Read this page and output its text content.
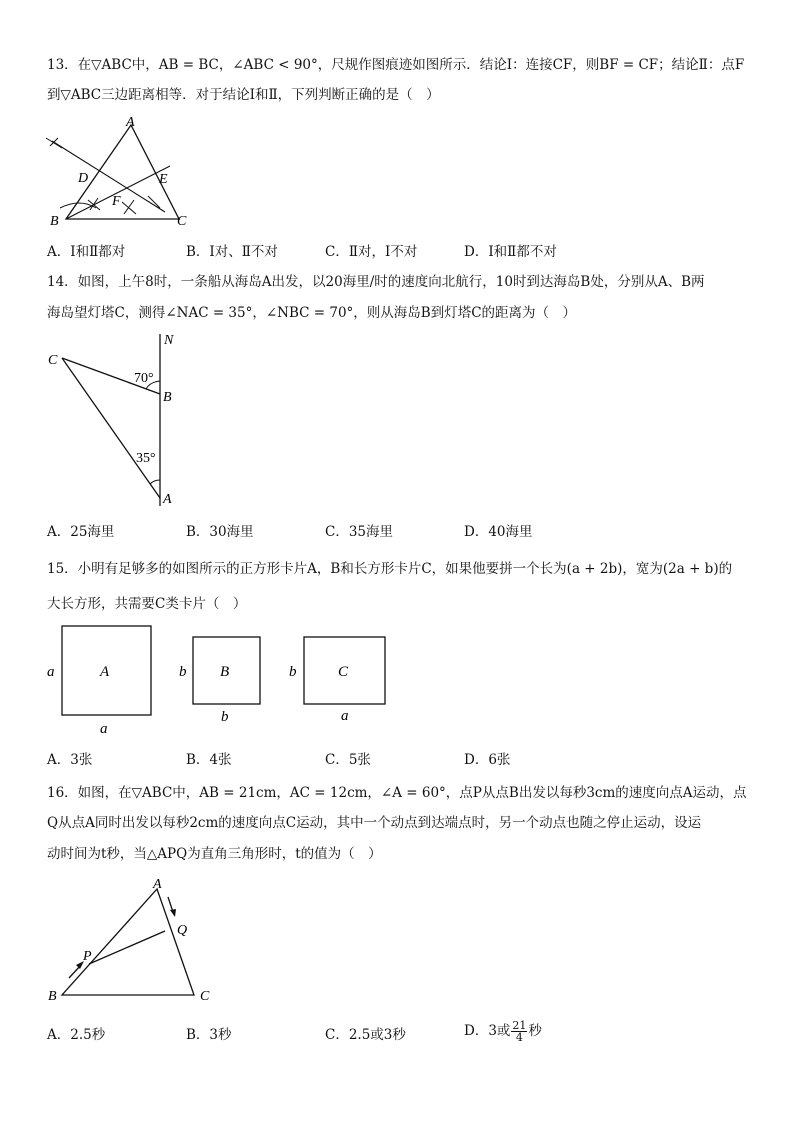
13．在▽ABC中，AB = BC，∠ABC < 90°，尺规作图痕迹如图所示．结论Ⅰ：连接CF，则BF = CF；结论Ⅱ：点F
到▽ABC三边距离相等．对于结论Ⅰ和Ⅱ，下列判断正确的是（　）
A
D	E
F
B	C
A．Ⅰ和Ⅱ都对	B．Ⅰ对、Ⅱ不对	C．Ⅱ对，Ⅰ不对	D．Ⅰ和Ⅱ都不对
14．如图，上午8时，一条船从海岛A出发，以20海里/时的速度向北航行，10时到达海岛B处，分别从A、B两
海岛望灯塔C，测得∠NAC = 35°，∠NBC = 70°，则从海岛B到灯塔C的距离为（　）
C
N
B
A
70°
35°
A．25海里	B．30海里	C．35海里	D．40海里
15．小明有足够多的如图所示的正方形卡片A，B和长方形卡片C，如果他要拼一个长为(a + 2b)，宽为(2a + b)的
大长方形，共需要C类卡片（　）
A
a
a
B
b
b
C
b
a
A．3张	B．4张	C．5张	D．6张
16．如图，在▽ABC中，AB = 21cm，AC = 12cm，∠A = 60°，点P从点B出发以每秒3cm的速度向点A运动，点
Q从点A同时出发以每秒2cm的速度向点C运动，其中一个动点到达端点时，另一个动点也随之停止运动，设运
动时间为t秒，当△APQ为直角三角形时，t的值为（　）
A
Q
P
B	C
A．2.5秒	B．3秒	C．2.5或3秒	D．3或 $\frac{21}{4}$ 秒
